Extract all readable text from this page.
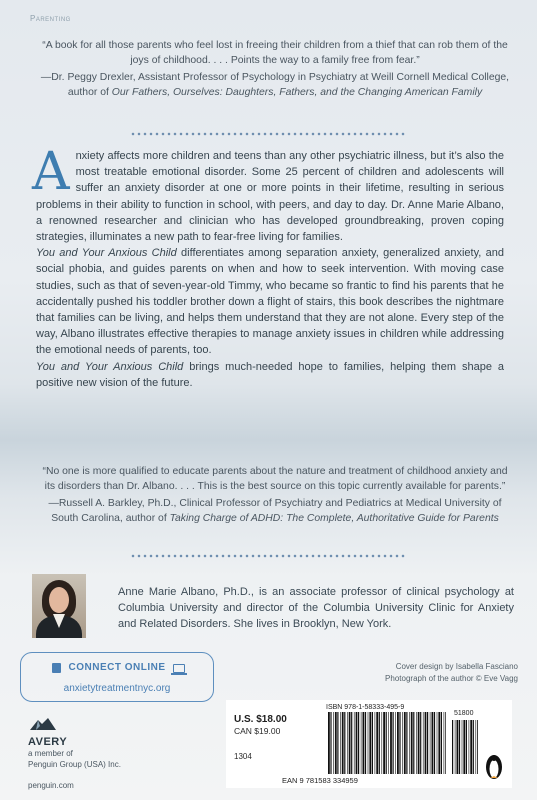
Parenting
“A book for all those parents who feel lost in freeing their children from a thief that can rob them of the joys of childhood. . . . Points the way to a family free from fear.”
—Dr. Peggy Drexler, Assistant Professor of Psychology in Psychiatry at Weill Cornell Medical College, author of Our Fathers, Ourselves: Daughters, Fathers, and the Changing American Family

Anxiety affects more children and teens than any other psychiatric illness, but it’s also the most treatable emotional disorder. Some 25 percent of children and adolescents will suffer an anxiety disorder at one or more points in their lifetime, resulting in serious problems in their ability to function in school, with peers, and day to day. Dr. Anne Marie Albano, a renowned researcher and clinician who has developed groundbreaking, proven coping strategies, illuminates a new path to fear-free living for families.

You and Your Anxious Child differentiates among separation anxiety, generalized anxiety, and social phobia, and guides parents on when and how to seek intervention. With moving case studies, such as that of seven-year-old Timmy, who became so frantic to find his parents that he accidentally pushed his toddler brother down a flight of stairs, this book describes the nightmare that families can be living, and helps them understand that they are not alone. Every step of the way, Albano illustrates effective therapies to manage anxiety issues in children while addressing the emotional needs of parents, too.

You and Your Anxious Child brings much-needed hope to families, helping them shape a positive new vision of the future.

“No one is more qualified to educate parents about the nature and treatment of childhood anxiety and its disorders than Dr. Albano. . . . This is the best source on this topic currently available for parents.”
—Russell A. Barkley, Ph.D., Clinical Professor of Psychiatry and Pediatrics at Medical University of South Carolina, author of Taking Charge of ADHD: The Complete, Authoritative Guide for Parents
Anne Marie Albano, Ph.D., is an associate professor of clinical psychology at Columbia University and director of the Columbia University Clinic for Anxiety and Related Disorders. She lives in Brooklyn, New York.
CONNECT ONLINE
anxietytreatmentnyc.org
Cover design by Isabella Fasciano
Photograph of the author © Eve Vagg
AVERY
a member of
Penguin Group (USA) Inc.
penguin.com
U.S. $18.00
CAN $19.00
1304
ISBN 978-1-58333-495-9
EAN 9 781583 334959
51800
